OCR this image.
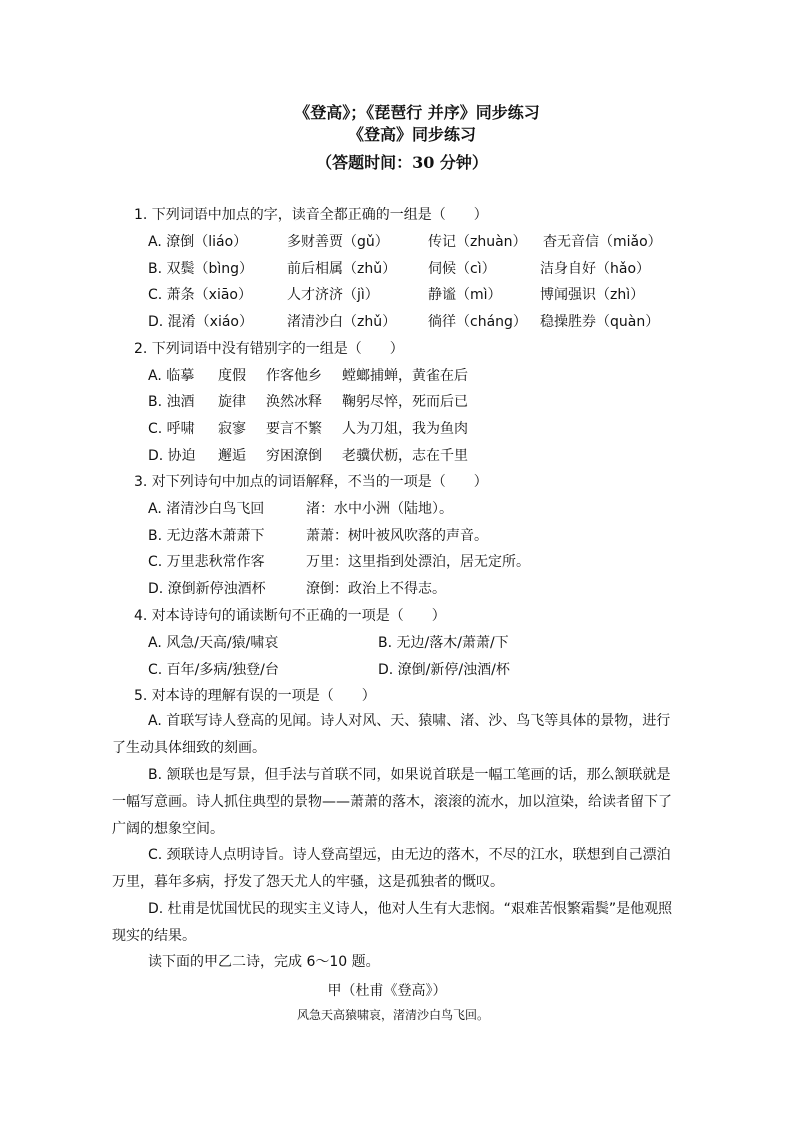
《登高》；《琵琶行 并序》同步练习
《登高》同步练习
（答题时间：30 分钟）
1. 下列词语中加点的字，读音全都正确的一组是（　　）
A. 潦倒（liáo）	多财善贾（gǔ）	传记（zhuàn） 杳无音信（miǎo）
B. 双鬓（bìng） 前后相属（zhǔ） 伺候（cì）	洁身自好（hǎo）
C. 萧条（xiāo）	人才济济（jì）	静谧（mì）	博闻强识（zhì）
D. 混淆（xiáo） 渚清沙白（zhǔ） 徜徉（cháng） 稳操胜券（quàn）
2. 下列词语中没有错别字的一组是（　　）
A. 临摹 度假 作客他乡 螳螂捕蝉，黄雀在后
B. 浊酒 旋律 涣然冰释 鞠躬尽悴，死而后已
C. 呼啸 寂寥 要言不繁 人为刀俎，我为鱼肉
D. 协迫 邂逅 穷困潦倒 老骥伏枥，志在千里
3. 对下列诗句中加点的词语解释，不当的一项是（　　）
A. 渚清沙白鸟飞回	渚：水中小洲（陆地）。
B. 无边落木萧萧下	萧萧：树叶被风吹落的声音。
C. 万里悲秋常作客	万里：这里指到处漂泊，居无定所。
D. 潦倒新停浊酒杯	潦倒：政治上不得志。
4. 对本诗诗句的诵读断句不正确的一项是（　　）
A. 风急/天高/猿/啸哀	B. 无边/落木/萧萧/下
C. 百年/多病/独登/台	D. 潦倒/新停/浊酒/杯
5. 对本诗的理解有误的一项是（　　）
A. 首联写诗人登高的见闻。诗人对风、天、猿啸、渚、沙、鸟飞等具体的景物，进行了生动具体细致的刻画。
B. 颔联也是写景，但手法与首联不同，如果说首联是一幅工笔画的话，那么颔联就是一幅写意画。诗人抓住典型的景物——萧萧的落木，滚滚的流水，加以渲染，给读者留下了广阔的想象空间。
C. 颈联诗人点明诗旨。诗人登高望远，由无边的落木，不尽的江水，联想到自己漂泊万里，暮年多病，抒发了怨天尤人的牢骚，这是孤独者的慨叹。
D. 杜甫是忧国忧民的现实主义诗人，他对人生有大悲悯。“艰难苦恨繁霜鬓”是他观照现实的结果。
读下面的甲乙二诗，完成 6～10 题。
甲（杜甫《登高》）
风急天高猿啸哀，渚清沙白鸟飞回。
